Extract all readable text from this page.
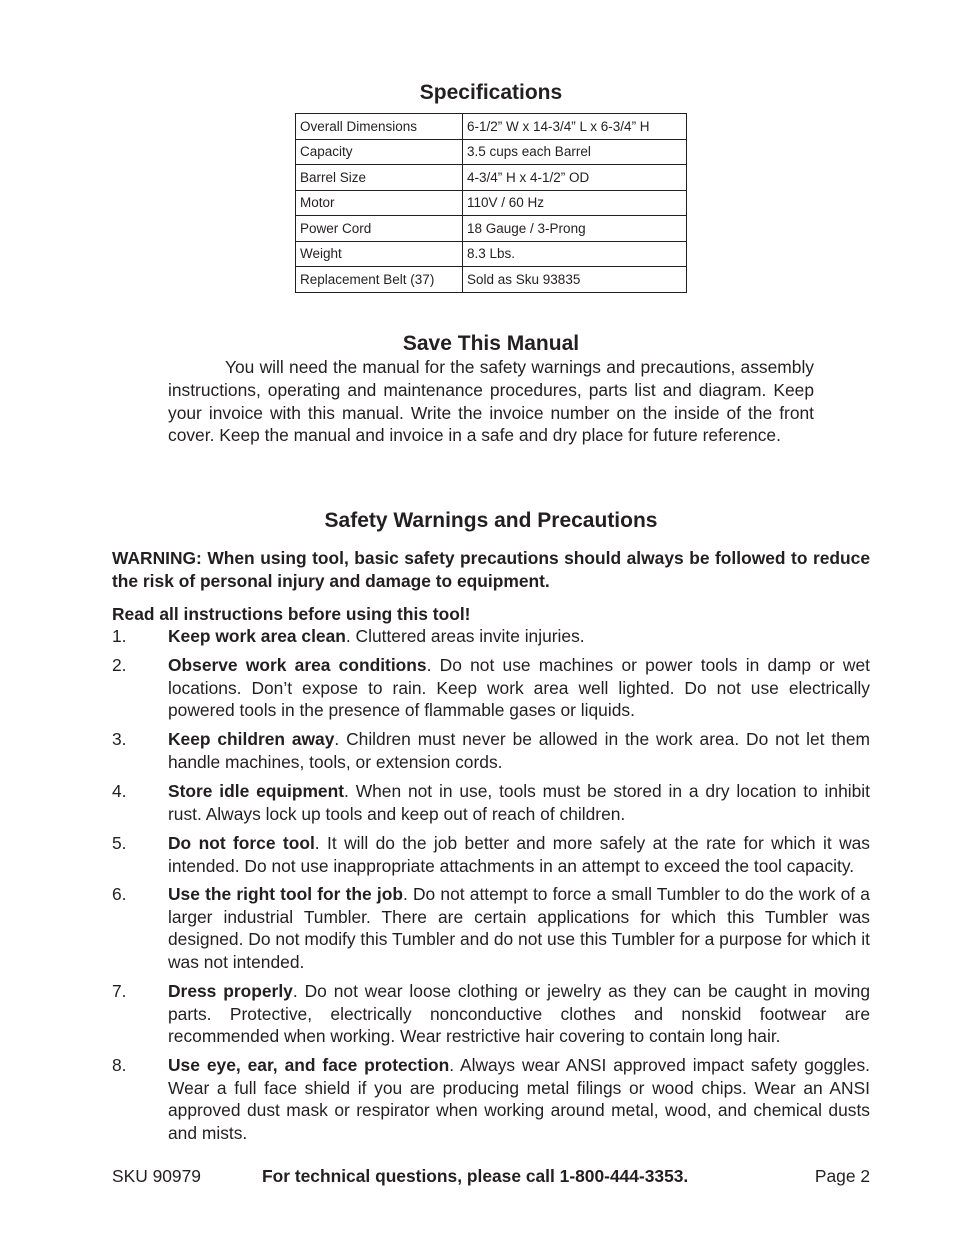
Specifications
Overall Dimensions	6-1/2” W x 14-3/4” L x 6-3/4” H
Capacity	3.5 cups each Barrel
Barrel Size	4-3/4” H x 4-1/2” OD
Motor	110V / 60 Hz
Power Cord	18 Gauge / 3-Prong
Weight	8.3 Lbs.
Replacement Belt (37)	Sold as Sku 93835
Save This Manual

You will need the manual for the safety warnings and precautions, assembly instructions, operating and maintenance procedures, parts list and diagram. Keep your invoice with this manual. Write the invoice number on the inside of the front cover. Keep the manual and invoice in a safe and dry place for future reference.

Safety Warnings and Precautions

WARNING: When using tool, basic safety precautions should always be followed to reduce the risk of personal injury and damage to equipment.

Read all instructions before using this tool!

1. Keep work area clean. Cluttered areas invite injuries.
2. Observe work area conditions. Do not use machines or power tools in damp or wet locations. Don’t expose to rain. Keep work area well lighted. Do not use electrically powered tools in the presence of flammable gases or liquids.
3. Keep children away. Children must never be allowed in the work area. Do not let them handle machines, tools, or extension cords.
4. Store idle equipment. When not in use, tools must be stored in a dry location to inhibit rust. Always lock up tools and keep out of reach of children.
5. Do not force tool. It will do the job better and more safely at the rate for which it was intended. Do not use inappropriate attachments in an attempt to exceed the tool capacity.
6. Use the right tool for the job. Do not attempt to force a small Tumbler to do the work of a larger industrial Tumbler. There are certain applications for which this Tumbler was designed. Do not modify this Tumbler and do not use this Tumbler for a purpose for which it was not intended.
7. Dress properly. Do not wear loose clothing or jewelry as they can be caught in moving parts. Protective, electrically nonconductive clothes and nonskid footwear are recommended when working. Wear restrictive hair covering to contain long hair.
8. Use eye, ear, and face protection. Always wear ANSI approved impact safety goggles. Wear a full face shield if you are producing metal filings or wood chips. Wear an ANSI approved dust mask or respirator when working around metal, wood, and chemical dusts and mists.
SKU 90979	For technical questions, please call 1-800-444-3353.	Page 2
